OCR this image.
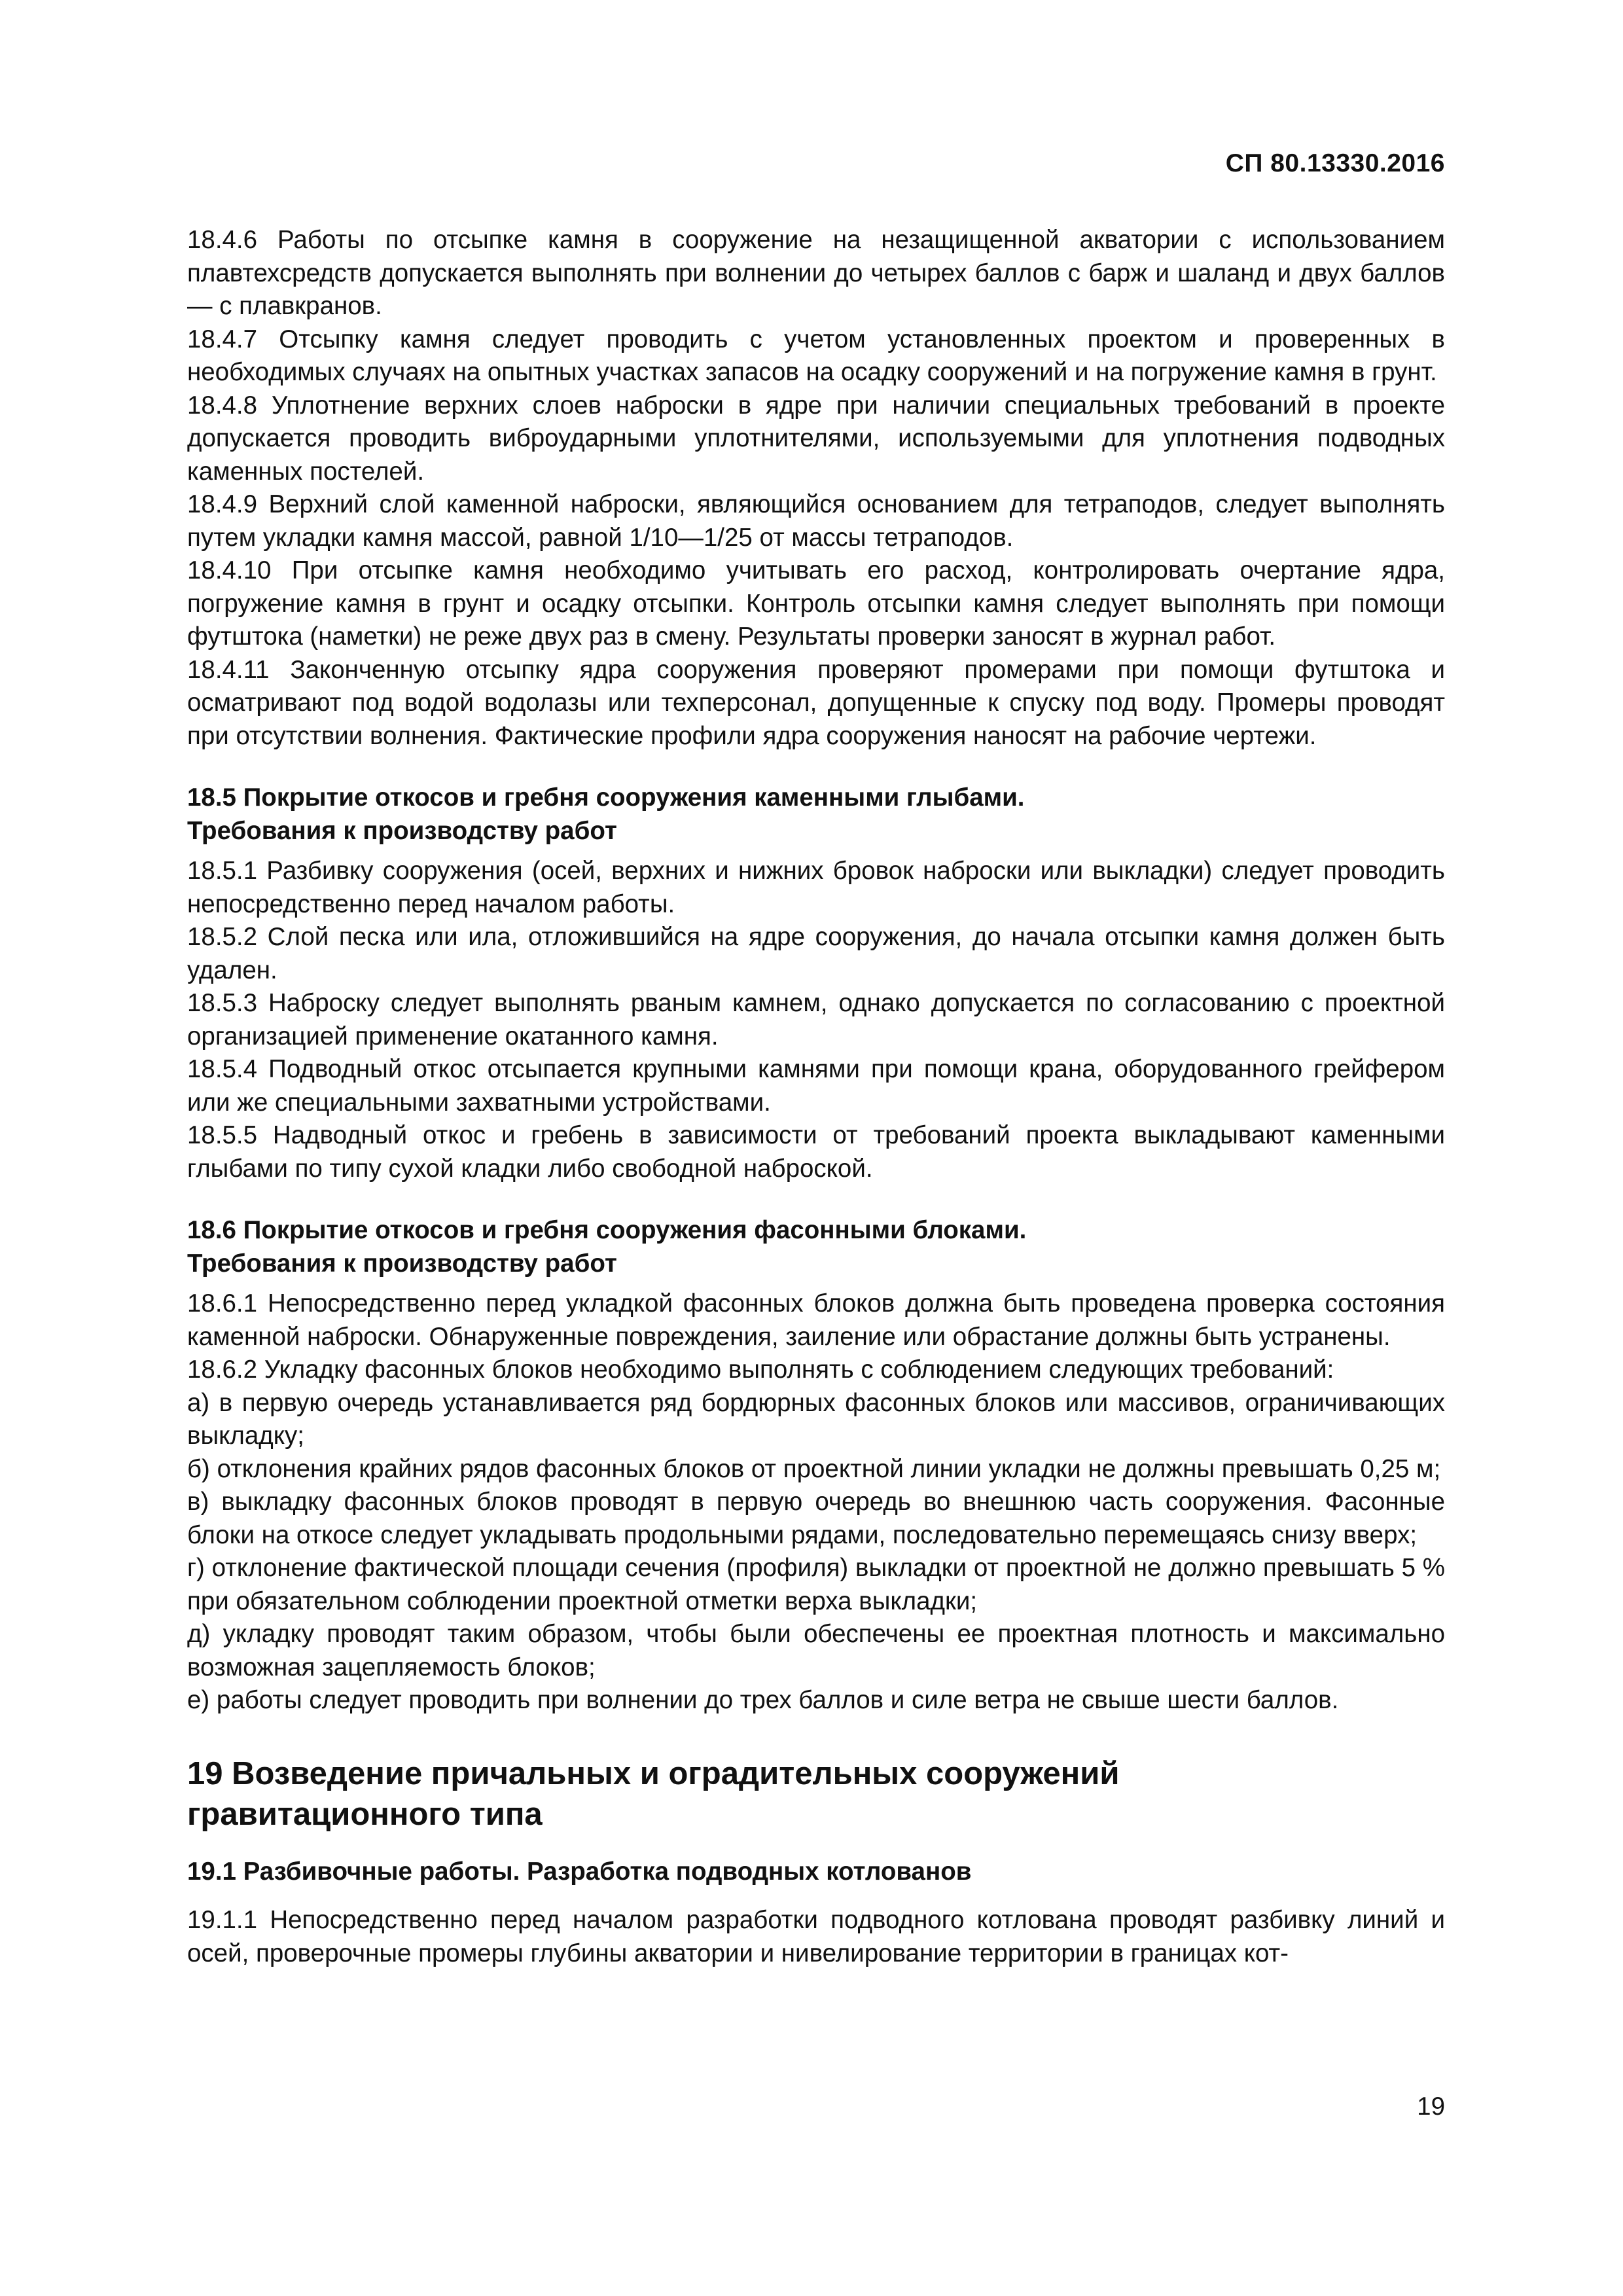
СП 80.13330.2016

18.4.6 Работы по отсыпке камня в сооружение на незащищенной акватории с использованием плавтехсредств допускается выполнять при волнении до четырех баллов с барж и шаланд и двух баллов — с плавкранов.

18.4.7 Отсыпку камня следует проводить с учетом установленных проектом и проверенных в необходимых случаях на опытных участках запасов на осадку сооружений и на погружение камня в грунт.

18.4.8 Уплотнение верхних слоев наброски в ядре при наличии специальных требований в проекте допускается проводить виброударными уплотнителями, используемыми для уплотнения подводных каменных постелей.

18.4.9 Верхний слой каменной наброски, являющийся основанием для тетраподов, следует выполнять путем укладки камня массой, равной 1/10—1/25 от массы тетраподов.

18.4.10 При отсыпке камня необходимо учитывать его расход, контролировать очертание ядра, погружение камня в грунт и осадку отсыпки. Контроль отсыпки камня следует выполнять при помощи футштока (наметки) не реже двух раз в смену. Результаты проверки заносят в журнал работ.

18.4.11 Законченную отсыпку ядра сооружения проверяют промерами при помощи футштока и осматривают под водой водолазы или техперсонал, допущенные к спуску под воду. Промеры проводят при отсутствии волнения. Фактические профили ядра сооружения наносят на рабочие чертежи.

18.5 Покрытие откосов и гребня сооружения каменными глыбами.

Требования к производству работ

18.5.1 Разбивку сооружения (осей, верхних и нижних бровок наброски или выкладки) следует проводить непосредственно перед началом работы.

18.5.2 Слой песка или ила, отложившийся на ядре сооружения, до начала отсыпки камня должен быть удален.

18.5.3 Наброску следует выполнять рваным камнем, однако допускается по согласованию с проектной организацией применение окатанного камня.

18.5.4 Подводный откос отсыпается крупными камнями при помощи крана, оборудованного грейфером или же специальными захватными устройствами.

18.5.5 Надводный откос и гребень в зависимости от требований проекта выкладывают каменными глыбами по типу сухой кладки либо свободной наброской.

18.6 Покрытие откосов и гребня сооружения фасонными блоками.

Требования к производству работ

18.6.1 Непосредственно перед укладкой фасонных блоков должна быть проведена проверка состояния каменной наброски. Обнаруженные повреждения, заиление или обрастание должны быть устранены.

18.6.2 Укладку фасонных блоков необходимо выполнять с соблюдением следующих требований:

а) в первую очередь устанавливается ряд бордюрных фасонных блоков или массивов, ограничивающих выкладку;

б) отклонения крайних рядов фасонных блоков от проектной линии укладки не должны превышать 0,25 м;

в) выкладку фасонных блоков проводят в первую очередь во внешнюю часть сооружения. Фасонные блоки на откосе следует укладывать продольными рядами, последовательно перемещаясь снизу вверх;

г) отклонение фактической площади сечения (профиля) выкладки от проектной не должно превышать 5 % при обязательном соблюдении проектной отметки верха выкладки;

д) укладку проводят таким образом, чтобы были обеспечены ее проектная плотность и максимально возможная зацепляемость блоков;

е) работы следует проводить при волнении до трех баллов и силе ветра не свыше шести баллов.

19 Возведение причальных и оградительных сооружений
гравитационного типа
19.1 Разбивочные работы. Разработка подводных котлованов

19.1.1 Непосредственно перед началом разработки подводного котлована проводят разбивку линий и осей, проверочные промеры глубины акватории и нивелирование территории в границах кот-

19
